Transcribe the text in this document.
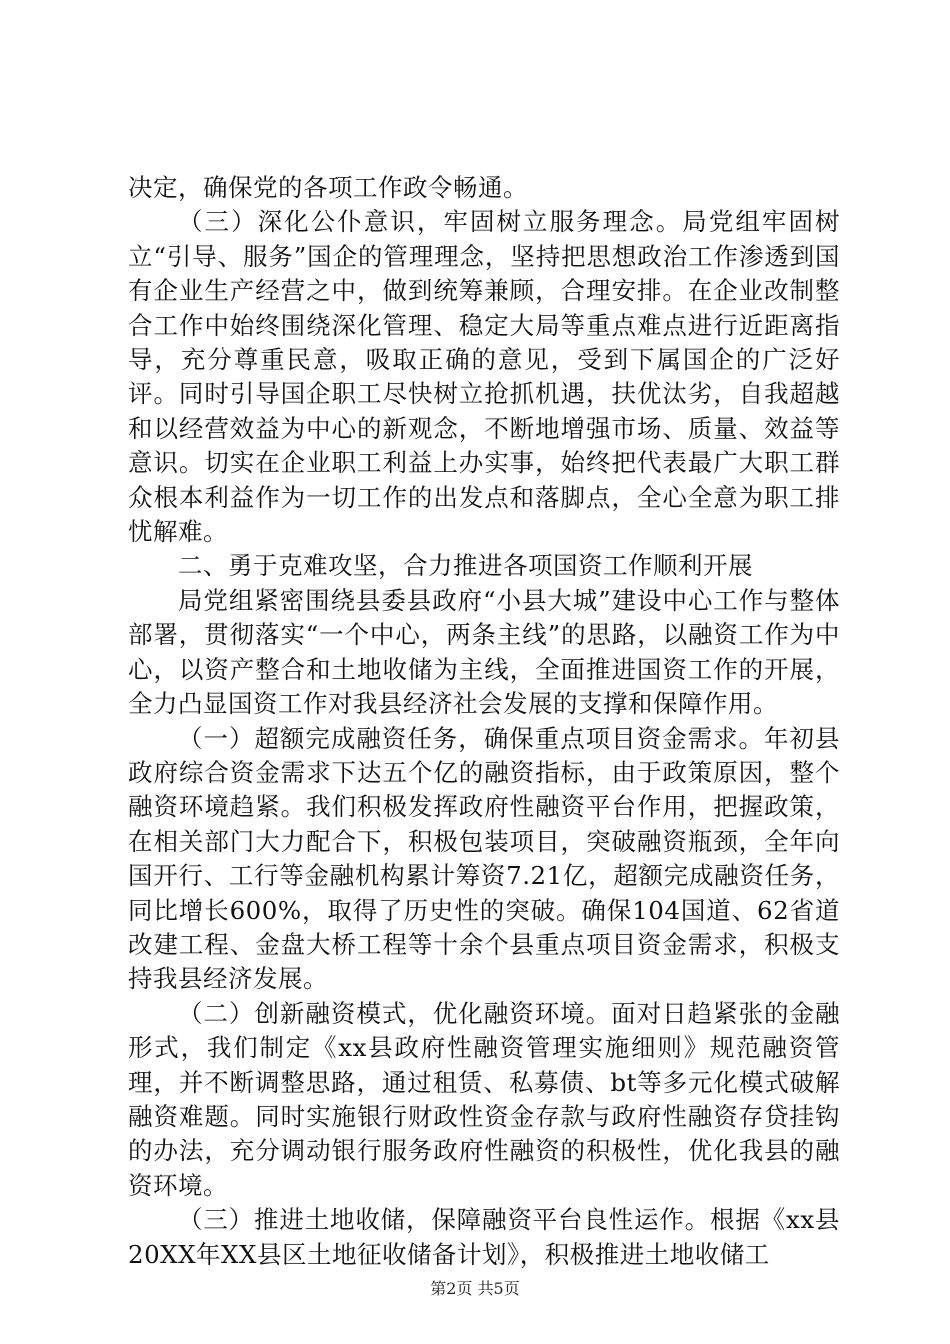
决定，确保党的各项工作政令畅通。

（三）深化公仆意识，牢固树立服务理念。局党组牢固树立“引导、服务”国企的管理理念，坚持把思想政治工作渗透到国有企业生产经营之中，做到统筹兼顾，合理安排。在企业改制整合工作中始终围绕深化管理、稳定大局等重点难点进行近距离指导，充分尊重民意，吸取正确的意见，受到下属国企的广泛好评。同时引导国企职工尽快树立抢抓机遇，扶优汰劣，自我超越和以经营效益为中心的新观念，不断地增强市场、质量、效益等意识。切实在企业职工利益上办实事，始终把代表最广大职工群众根本利益作为一切工作的出发点和落脚点，全心全意为职工排忧解难。

二、勇于克难攻坚，合力推进各项国资工作顺利开展

局党组紧密围绕县委县政府“小县大城”建设中心工作与整体部署，贯彻落实“一个中心，两条主线”的思路，以融资工作为中心，以资产整合和土地收储为主线，全面推进国资工作的开展，全力凸显国资工作对我县经济社会发展的支撑和保障作用。

（一）超额完成融资任务，确保重点项目资金需求。年初县政府综合资金需求下达五个亿的融资指标，由于政策原因，整个融资环境趋紧。我们积极发挥政府性融资平台作用，把握政策，在相关部门大力配合下，积极包装项目，突破融资瓶颈，全年向国开行、工行等金融机构累计筹资7.21亿，超额完成融资任务，同比增长600%，取得了历史性的突破。确保104国道、62省道改建工程、金盘大桥工程等十余个县重点项目资金需求，积极支持我县经济发展。

（二）创新融资模式，优化融资环境。面对日趋紧张的金融形式，我们制定《xx县政府性融资管理实施细则》规范融资管理，并不断调整思路，通过租赁、私募债、bt等多元化模式破解融资难题。同时实施银行财政性资金存款与政府性融资存贷挂钩的办法，充分调动银行服务政府性融资的积极性，优化我县的融资环境。

（三）推进土地收储，保障融资平台良性运作。根据《xx县20XX年XX县区土地征收储备计划》，积极推进土地收储工

第2页 共5页
